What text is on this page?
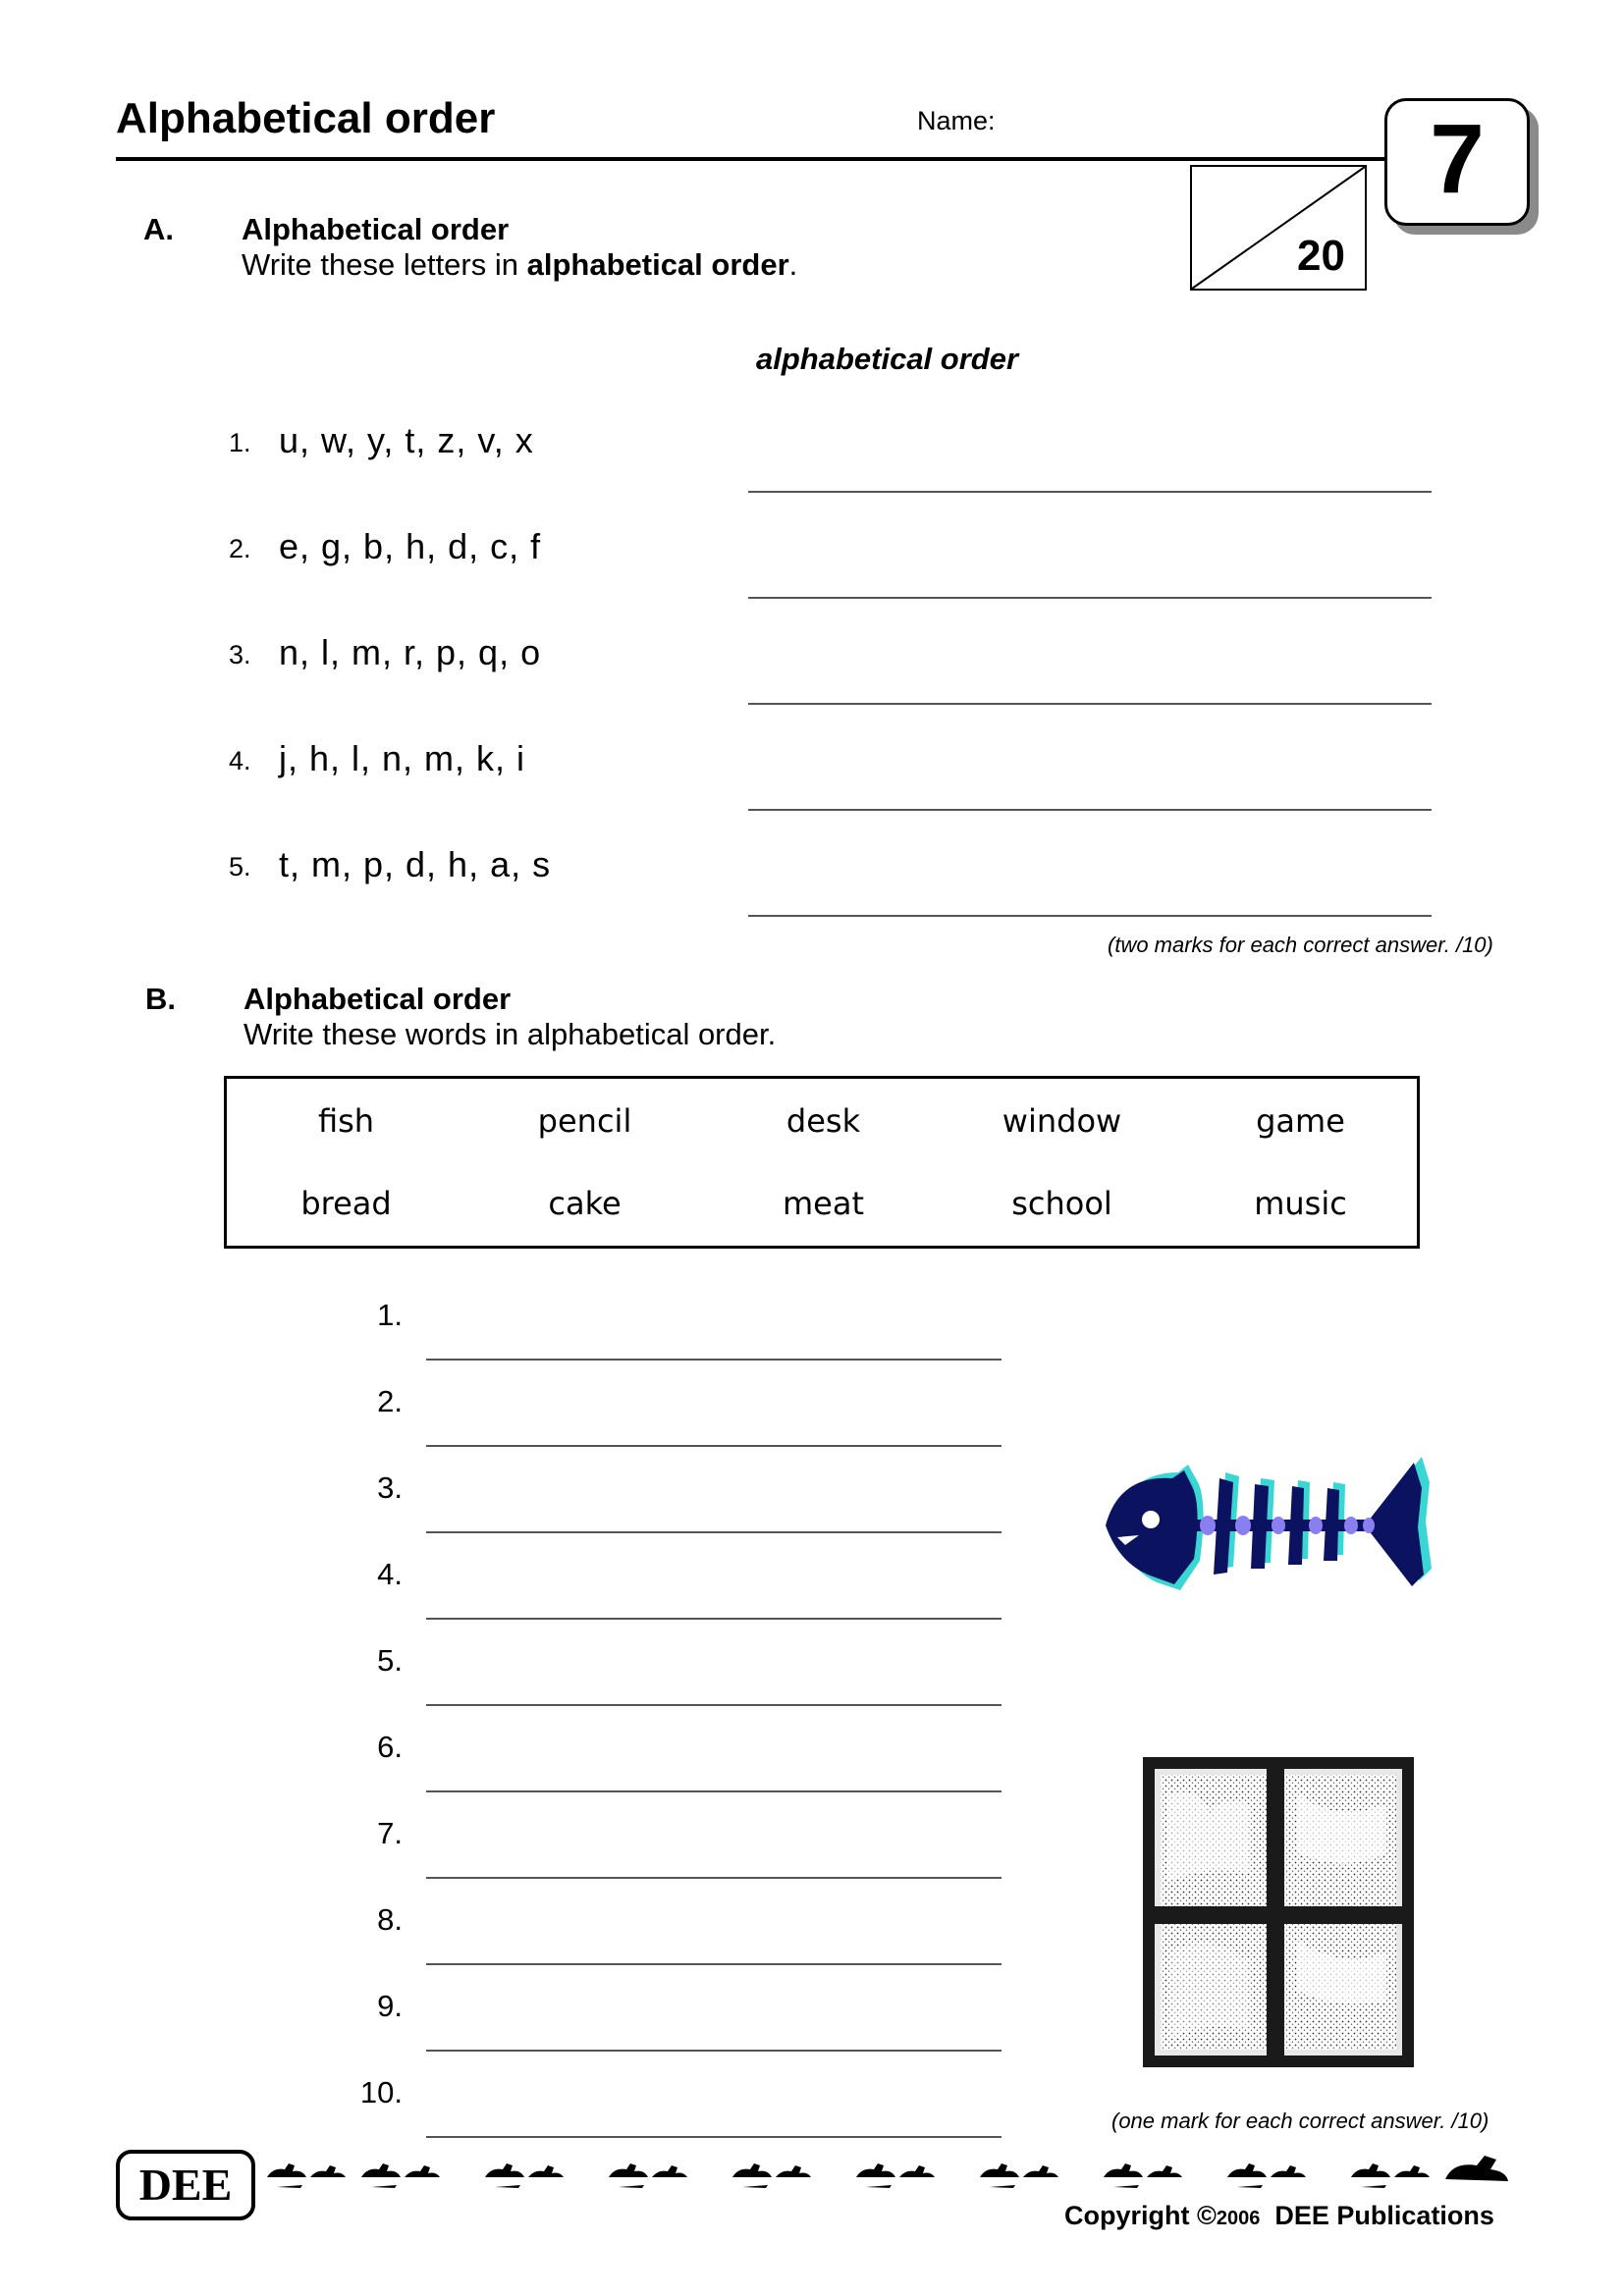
Alphabetical order	Name:	7
20
A. Alphabetical order
Write these letters in alphabetical order.
alphabetical order
1. u, w, y, t, z, v, x
2. e, g, b, h, d, c, f
3. n, l, m, r, p, q, o
4. j, h, l, n, m, k, i
5. t, m, p, d, h, a, s
(two marks for each correct answer. /10)
B. Alphabetical order
Write these words in alphabetical order.
fish	pencil	desk	window	game
bread	cake	meat	school	music
1.
2.
3.
4.
5.
6.
7.
8.
9.
10.
(one mark for each correct answer. /10)
DEE
Copyright ©2006  DEE Publications
